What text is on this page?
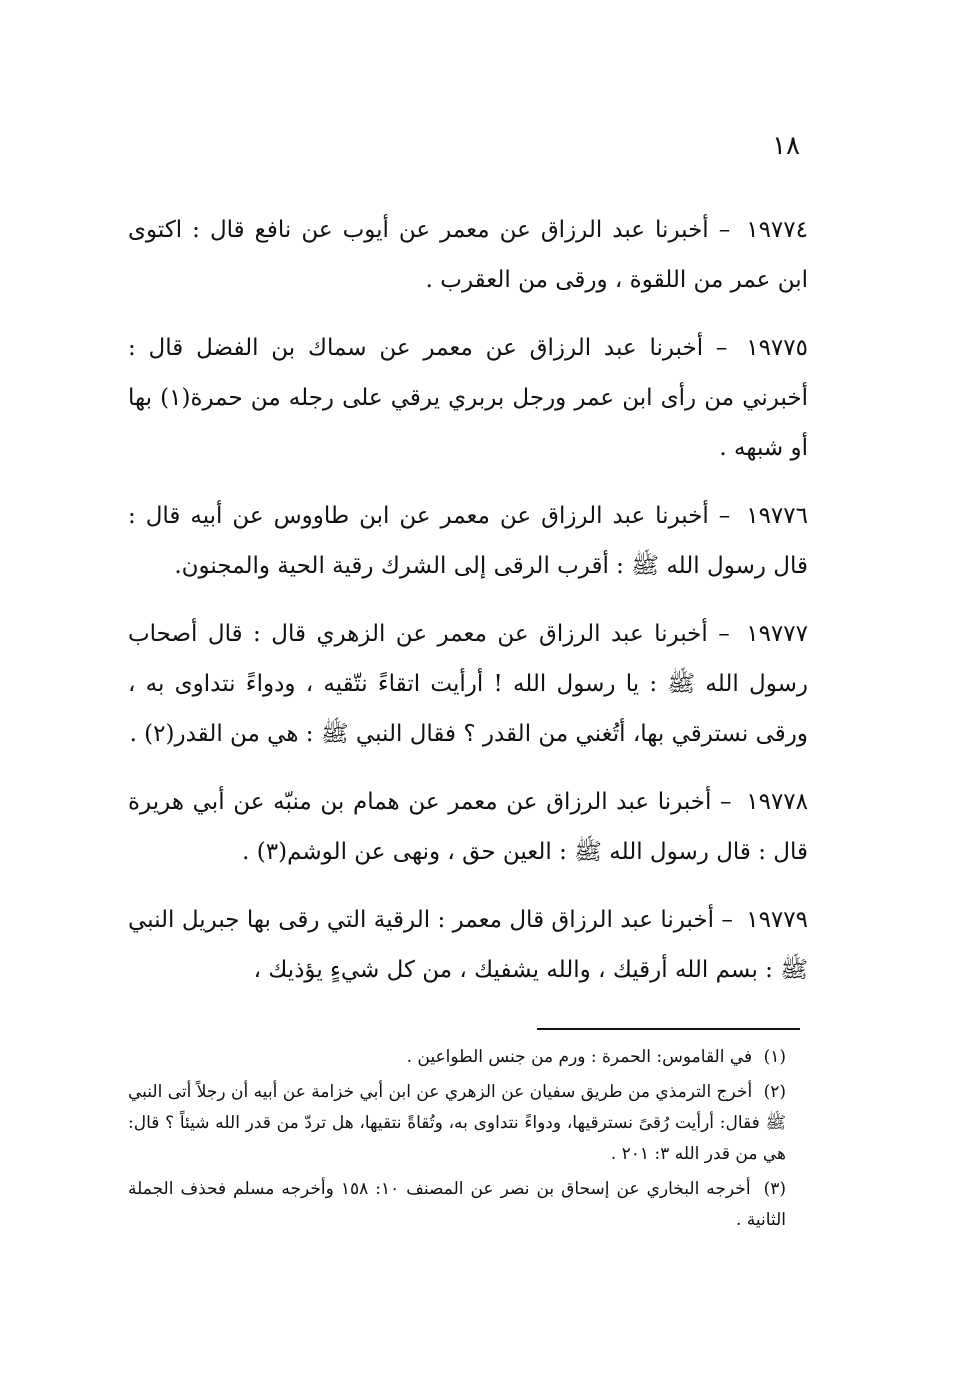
١٨

١٩٧٧٤ – أخبرنا عبد الرزاق عن معمر عن أيوب عن نافع قال : اكتوى ابن عمر من اللقوة ، ورقى من العقرب .

١٩٧٧٥ – أخبرنا عبد الرزاق عن معمر عن سماك بن الفضل قال : أخبرني من رأى ابن عمر ورجل بربري يرقي على رجله من حمرة(١) بها أو شبهه .

١٩٧٧٦ – أخبرنا عبد الرزاق عن معمر عن ابن طاووس عن أبيه قال : قال رسول الله ﷺ : أقرب الرقى إلى الشرك رقية الحية والمجنون.

١٩٧٧٧ – أخبرنا عبد الرزاق عن معمر عن الزهري قال : قال أصحاب رسول الله ﷺ : يا رسول الله ! أرأيت اتقاءً نتّقيه ، ودواءً نتداوى به ، ورقى نسترقي بها، أتُغني من القدر ؟ فقال النبي ﷺ : هي من القدر(٢) .

١٩٧٧٨ – أخبرنا عبد الرزاق عن معمر عن همام بن منبّه عن أبي هريرة قال : قال رسول الله ﷺ : العين حق ، ونهى عن الوشم(٣) .

١٩٧٧٩ – أخبرنا عبد الرزاق قال معمر : الرقية التي رقى بها جبريل النبي ﷺ : بسم الله أرقيك ، والله يشفيك ، من كل شيءٍ يؤذيك ،

(١) في القاموس: الحمرة : ورم من جنس الطواعين .

(٢) أخرج الترمذي من طريق سفيان عن الزهري عن ابن أبي خزامة عن أبيه أن رجلاً أتى النبي ﷺ فقال: أرأيت رُقىً نسترقيها، ودواءً نتداوى به، وتُقاةً نتقيها، هل تردّ من قدر الله شيئاً ؟ قال: هي من قدر الله ٣: ٢٠١ .

(٣) أخرجه البخاري عن إسحاق بن نصر عن المصنف ١٠: ١٥٨ وأخرجه مسلم فحذف الجملة الثانية .
